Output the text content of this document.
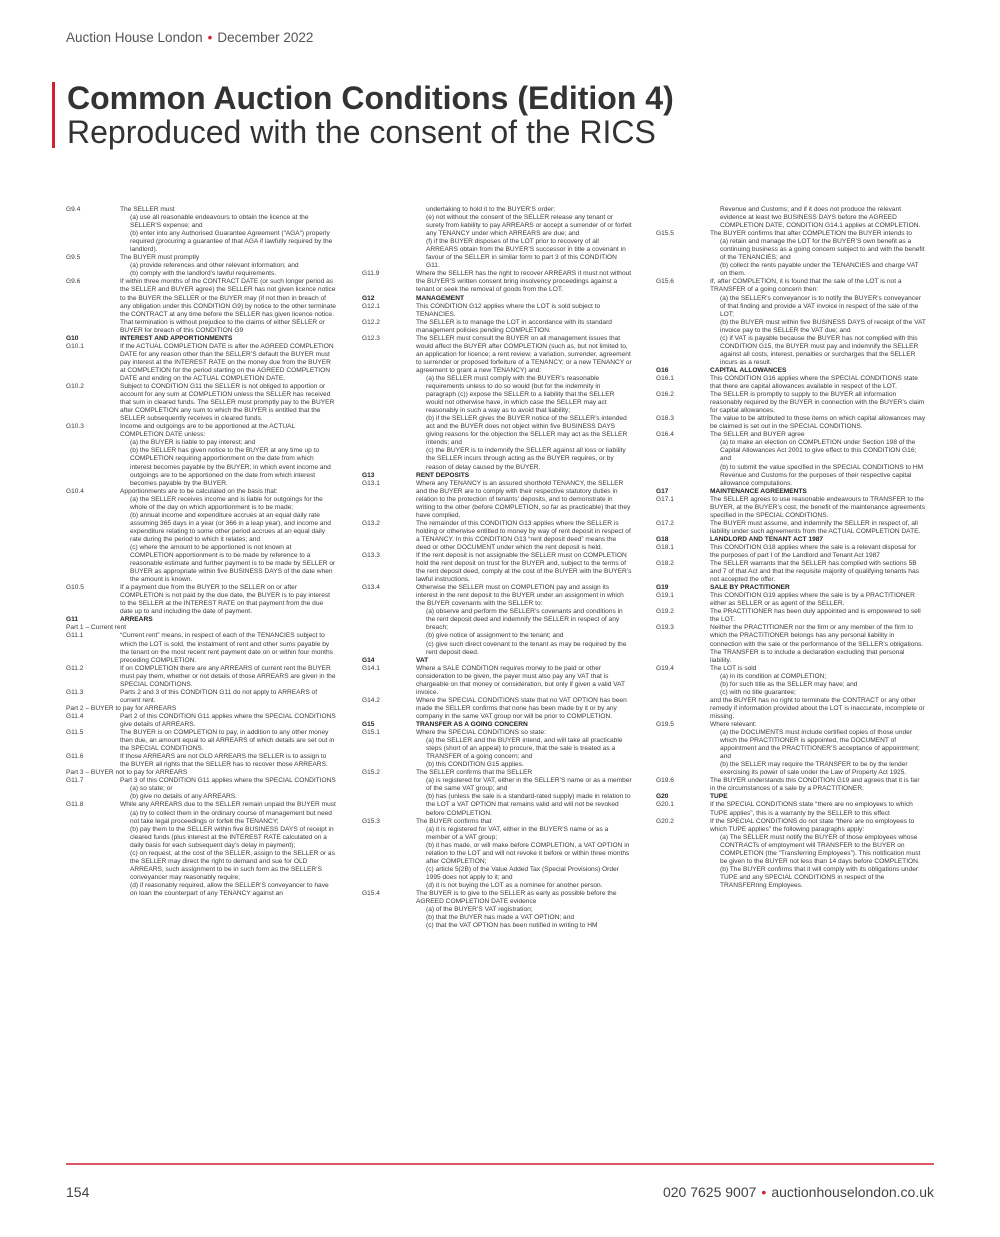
Auction House London • December 2022
Common Auction Conditions (Edition 4)
Reproduced with the consent of the RICS
G9.4	The SELLER must
(a) use all reasonable endeavours to obtain the licence at the SELLER’S expense; and
(b) enter into any Authorised Guarantee Agreement (“AGA”) properly required (procuring a guarantee of that AGA if lawfully required by the landlord).
G9.5	The BUYER must promptly
(a) provide references and other relevant information; and
(b) comply with the landlord’s lawful requirements.
G9.6	If within three months of the CONTRACT DATE (or such longer period as the SELLER and BUYER agree) the SELLER has not given licence notice to the BUYER the SELLER or the BUYER may (if not then in breach of any obligation under this CONDITION G9) by notice to the other terminate the CONTRACT at any time before the SELLER has given licence notice. That termination is without prejudice to the claims of either SELLER or BUYER for breach of this CONDITION G9
G10	INTEREST AND APPORTIONMENTS
G10.1	If the ACTUAL COMPLETION DATE is after the AGREED COMPLETION DATE for any reason other than the SELLER’S default the BUYER must pay interest at the INTEREST RATE on the money due from the BUYER at COMPLETION for the period starting on the AGREED COMPLETION DATE and ending on the ACTUAL COMPLETION DATE.
G10.2	Subject to CONDITION G11 the SELLER is not obliged to apportion or account for any sum at COMPLETION unless the SELLER has received that sum in cleared funds. The SELLER must promptly pay to the BUYER after COMPLETION any sum to which the BUYER is entitled that the SELLER subsequently receives in cleared funds.
G10.3	Income and outgoings are to be apportioned at the ACTUAL COMPLETION DATE unless:
(a) the BUYER is liable to pay interest; and
(b) the SELLER has given notice to the BUYER at any time up to COMPLETION requiring apportionment on the date from which interest becomes payable by the BUYER; in which event income and outgoings are to be apportioned on the date from which interest becomes payable by the BUYER.
G10.4	Apportionments are to be calculated on the basis that:
(a) the SELLER receives income and is liable for outgoings for the whole of the day on which apportionment is to be made;
(b) annual income and expenditure accrues at an equal daily rate assuming 365 days in a year (or 366 in a leap year), and income and expenditure relating to some other period accrues at an equal daily rate during the period to which it relates; and
(c) where the amount to be apportioned is not known at COMPLETION apportionment is to be made by reference to a reasonable estimate and further payment is to be made by SELLER or BUYER as appropriate within five BUSINESS DAYS of the date when the amount is known.
G10.5	If a payment due from the BUYER to the SELLER on or after COMPLETION is not paid by the due date, the BUYER is to pay interest to the SELLER at the INTEREST RATE on that payment from the due date up to and including the date of payment.
G11	ARREARS
Part 1 – Current rent
G11.1	“Current rent” means, in respect of each of the TENANCIES subject to which the LOT is sold, the instalment of rent and other sums payable by the tenant on the most recent rent payment date on or within four months preceding COMPLETION.
G11.2	If on COMPLETION there are any ARREARS of current rent the BUYER must pay them, whether or not details of those ARREARS are given in the SPECIAL CONDITIONS.
G11.3	Parts 2 and 3 of this CONDITION G11 do not apply to ARREARS of current rent.
Part 2 – BUYER to pay for ARREARS
G11.4	Part 2 of this CONDITION G11 applies where the SPECIAL CONDITIONS give details of ARREARS.
G11.5	The BUYER is on COMPLETION to pay, in addition to any other money then due, an amount equal to all ARREARS of which details are set out in the SPECIAL CONDITIONS.
G11.6	If those ARREARS are not OLD ARREARS the SELLER is to assign to the BUYER all rights that the SELLER has to recover those ARREARS.
Part 3 – BUYER not to pay for ARREARS
G11.7	Part 3 of this CONDITION G11 applies where the SPECIAL CONDITIONS
(a) so state; or
(b) give no details of any ARREARS.
G11.8	While any ARREARS due to the SELLER remain unpaid the BUYER must
(a) try to collect them in the ordinary course of management but need not take legal proceedings or forfeit the TENANCY;
(b) pay them to the SELLER within five BUSINESS DAYS of receipt in cleared funds (plus interest at the INTEREST RATE calculated on a daily basis for each subsequent day’s delay in payment);
(c) on request, at the cost of the SELLER, assign to the SELLER or as the SELLER may direct the right to demand and sue for OLD ARREARS, such assignment to be in such form as the SELLER’S conveyancer may reasonably require;
(d) if reasonably required, allow the SELLER’S conveyancer to have on loan the counterpart of any TENANCY against an
undertaking to hold it to the BUYER’S order;
(e) not without the consent of the SELLER release any tenant or surety from liability to pay ARREARS or accept a surrender of or forfeit any TENANCY under which ARREARS are due; and
(f) if the BUYER disposes of the LOT prior to recovery of all ARREARS obtain from the BUYER’S successor in title a covenant in favour of the SELLER in similar form to part 3 of this CONDITION G11.
G11.9	Where the SELLER has the right to recover ARREARS it must not without the BUYER’S written consent bring insolvency proceedings against a tenant or seek the removal of goods from the LOT.
G12	MANAGEMENT
G12.1	This CONDITION G12 applies where the LOT is sold subject to TENANCIES.
G12.2	The SELLER is to manage the LOT in accordance with its standard management policies pending COMPLETION.
G12.3	The SELLER must consult the BUYER on all management issues that would affect the BUYER after COMPLETION (such as, but not limited to, an application for licence; a rent review; a variation, surrender, agreement to surrender or proposed forfeiture of a TENANCY; or a new TENANCY or agreement to grant a new TENANCY) and:
(a) the SELLER must comply with the BUYER’s reasonable requirements unless to do so would (but for the indemnity in paragraph (c)) expose the SELLER to a liability that the SELLER would not otherwise have, in which case the SELLER may act reasonably in such a way as to avoid that liability;
(b) if the SELLER gives the BUYER notice of the SELLER’s intended act and the BUYER does not object within five BUSINESS DAYS giving reasons for the objection the SELLER may act as the SELLER intends; and
(c) the BUYER is to indemnify the SELLER against all loss or liability the SELLER incurs through acting as the BUYER requires, or by reason of delay caused by the BUYER.
G13	RENT DEPOSITS
G13.1	Where any TENANCY is an assured shorthold TENANCY, the SELLER and the BUYER are to comply with their respective statutory duties in relation to the protection of tenants’ deposits, and to demonstrate in writing to the other (before COMPLETION, so far as practicable) that they have complied.
G13.2	The remainder of this CONDITION G13 applies where the SELLER is holding or otherwise entitled to money by way of rent deposit in respect of a TENANCY. In this CONDITION G13 “rent deposit deed” means the deed or other DOCUMENT under which the rent deposit is held.
G13.3	If the rent deposit is not assignable the SELLER must on COMPLETION hold the rent deposit on trust for the BUYER and, subject to the terms of the rent deposit deed, comply at the cost of the BUYER with the BUYER’s lawful instructions.
G13.4	Otherwise the SELLER must on COMPLETION pay and assign its interest in the rent deposit to the BUYER under an assignment in which the BUYER covenants with the SELLER to:
(a) observe and perform the SELLER’s covenants and conditions in the rent deposit deed and indemnify the SELLER in respect of any breach;
(b) give notice of assignment to the tenant; and
(c) give such direct covenant to the tenant as may be required by the rent deposit deed.
G14	VAT
G14.1	Where a SALE CONDITION requires money to be paid or other consideration to be given, the payer must also pay any VAT that is chargeable on that money or consideration, but only if given a valid VAT invoice.
G14.2	Where the SPECIAL CONDITIONS state that no VAT OPTION has been made the SELLER confirms that none has been made by it or by any company in the same VAT group nor will be prior to COMPLETION.
G15	TRANSFER AS A GOING CONCERN
G15.1	Where the SPECIAL CONDITIONS so state:
(a) the SELLER and the BUYER intend, and will take all practicable steps (short of an appeal) to procure, that the sale is treated as a TRANSFER of a going concern; and
(b) this CONDITION G15 applies.
G15.2	The SELLER confirms that the SELLER
(a) is registered for VAT, either in the SELLER’S name or as a member of the same VAT group; and
(b) has (unless the sale is a standard-rated supply) made in relation to the LOT a VAT OPTION that remains valid and will not be revoked before COMPLETION.
G15.3	The BUYER confirms that
(a) it is registered for VAT, either in the BUYER’S name or as a member of a VAT group;
(b) it has made, or will make before COMPLETION, a VAT OPTION in relation to the LOT and will not revoke it before or within three months after COMPLETION;
(c) article 5(2B) of the Value Added Tax (Special Provisions) Order 1995 does not apply to it; and
(d) it is not buying the LOT as a nominee for another person.
G15.4	The BUYER is to give to the SELLER as early as possible before the AGREED COMPLETION DATE evidence
(a) of the BUYER’S VAT registration;
(b) that the BUYER has made a VAT OPTION; and
(c) that the VAT OPTION has been notified in writing to HM
Revenue and Customs; and if it does not produce the relevant evidence at least two BUSINESS DAYS before the AGREED COMPLETION DATE, CONDITION G14.1 applies at COMPLETION.
G15.5	The BUYER confirms that after COMPLETION the BUYER intends to
(a) retain and manage the LOT for the BUYER’S own benefit as a continuing business as a going concern subject to and with the benefit of the TENANCIES; and
(b) collect the rents payable under the TENANCIES and charge VAT on them.
G15.6	If, after COMPLETION, it is found that the sale of the LOT is not a TRANSFER of a going concern then:
(a) the SELLER’s conveyancer is to notify the BUYER’s conveyancer of that finding and provide a VAT invoice in respect of the sale of the LOT;
(b) the BUYER must within five BUSINESS DAYS of receipt of the VAT invoice pay to the SELLER the VAT due; and
(c) if VAT is payable because the BUYER has not complied with this CONDITION G15, the BUYER must pay and indemnify the SELLER against all costs, interest, penalties or surcharges that the SELLER incurs as a result.
G16	CAPITAL ALLOWANCES
G16.1	This CONDITION G16 applies where the SPECIAL CONDITIONS state that there are capital allowances available in respect of the LOT.
G16.2	The SELLER is promptly to supply to the BUYER all information reasonably required by the BUYER in connection with the BUYER’s claim for capital allowances.
G16.3	The value to be attributed to those items on which capital allowances may be claimed is set out in the SPECIAL CONDITIONS.
G16.4	The SELLER and BUYER agree
(a) to make an election on COMPLETION under Section 198 of the Capital Allowances Act 2001 to give effect to this CONDITION G16; and
(b) to submit the value specified in the SPECIAL CONDITIONS to HM Revenue and Customs for the purposes of their respective capital allowance computations.
G17	MAINTENANCE AGREEMENTS
G17.1	The SELLER agrees to use reasonable endeavours to TRANSFER to the BUYER, at the BUYER’s cost, the benefit of the maintenance agreements specified in the SPECIAL CONDITIONS.
G17.2	The BUYER must assume, and indemnify the SELLER in respect of, all liability under such agreements from the ACTUAL COMPLETION DATE.
G18	LANDLORD AND TENANT ACT 1987
G18.1	This CONDITION G18 applies where the sale is a relevant disposal for the purposes of part I of the Landlord and Tenant Act 1987
G18.2	The SELLER warrants that the SELLER has complied with sections 5B and 7 of that Act and that the requisite majority of qualifying tenants has not accepted the offer.
G19	SALE BY PRACTITIONER
G19.1	This CONDITION G19 applies where the sale is by a PRACTITIONER either as SELLER or as agent of the SELLER.
G19.2	The PRACTITIONER has been duly appointed and is empowered to sell the LOT.
G19.3	Neither the PRACTITIONER nor the firm or any member of the firm to which the PRACTITIONER belongs has any personal liability in connection with the sale or the performance of the SELLER’s obligations. The TRANSFER is to include a declaration excluding that personal liability.
G19.4	The LOT is sold
(a) in its condition at COMPLETION;
(b) for such title as the SELLER may have; and
(c) with no title guarantee;
and the BUYER has no right to terminate the CONTRACT or any other remedy if information provided about the LOT is inaccurate, incomplete or missing.
G19.5	Where relevant:
(a) the DOCUMENTS must include certified copies of those under which the PRACTITIONER is appointed, the DOCUMENT of appointment and the PRACTITIONER’S acceptance of appointment; and
(b) the SELLER may require the TRANSFER to be by the lender exercising its power of sale under the Law of Property Act 1925.
G19.6	The BUYER understands this CONDITION G19 and agrees that it is fair in the circumstances of a sale by a PRACTITIONER.
G20	TUPE
G20.1	If the SPECIAL CONDITIONS state “there are no employees to which TUPE applies”, this is a warranty by the SELLER to this effect
G20.2	If the SPECIAL CONDITIONS do not state “there are no employees to which TUPE applies” the following paragraphs apply:
(a) The SELLER must notify the BUYER of those employees whose CONTRACTs of employment will TRANSFER to the BUYER on COMPLETION (the “Transferring Employees”). This notification must be given to the BUYER not less than 14 days before COMPLETION.
(b) The BUYER confirms that it will comply with its obligations under TUPE and any SPECIAL CONDITIONS in respect of the TRANSFERring Employees.
154	020 7625 9007 • auctionhouselondon.co.uk
